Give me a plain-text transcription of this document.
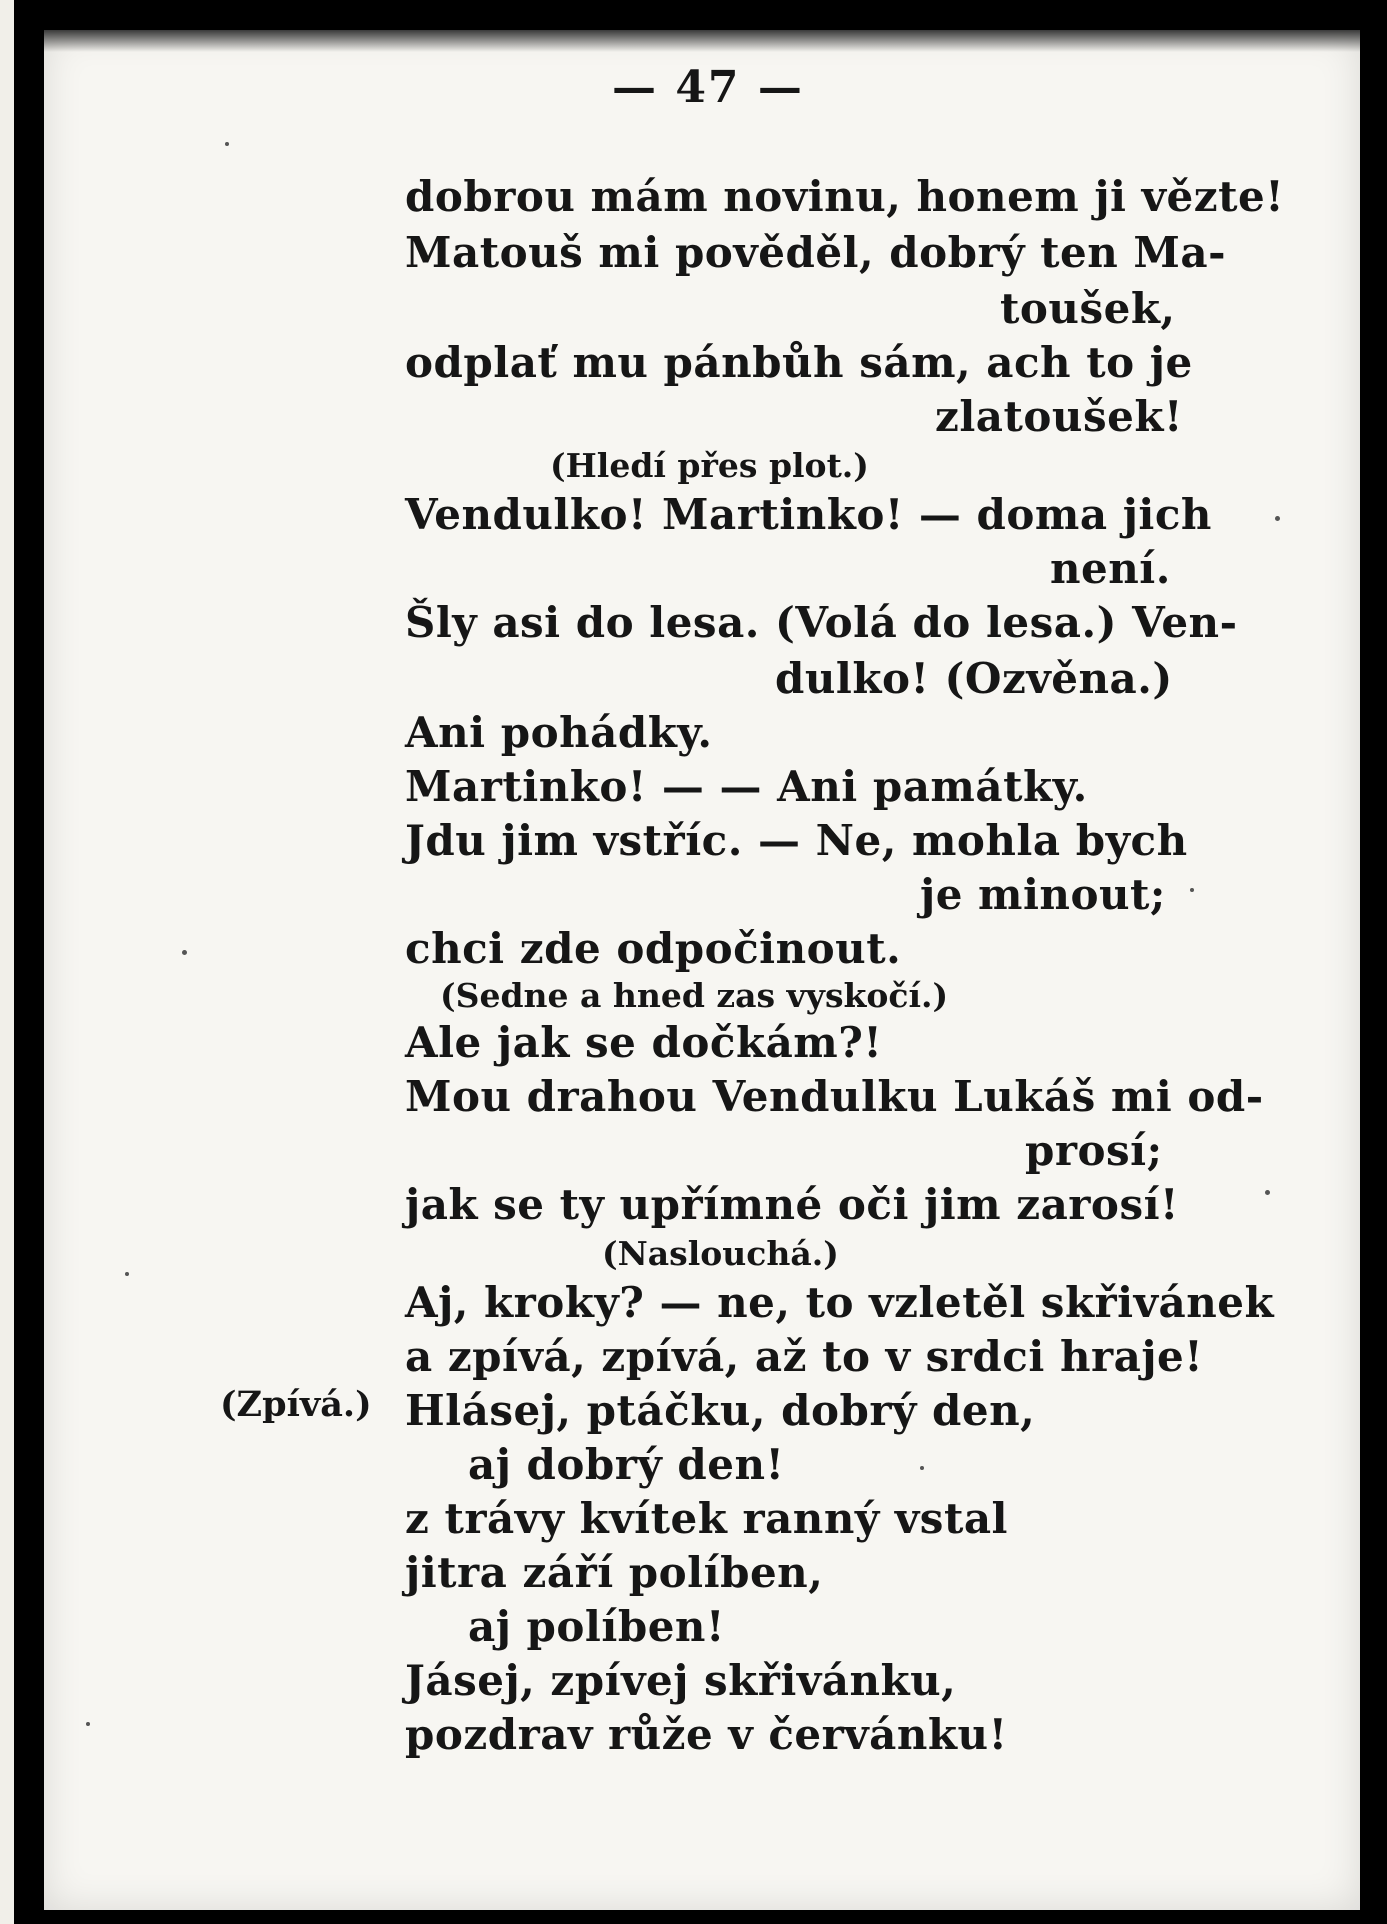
— 47 —
dobrou mám novinu, honem ji vězte!
Matouš mi pověděl, dobrý ten Ma-
toušek,
odplať mu pánbůh sám, ach to je
zlatoušek!
(Hledí přes plot.)
Vendulko! Martinko! — doma jich
není.
Šly asi do lesa. (Volá do lesa.) Ven-
dulko! (Ozvěna.)
Ani pohádky.
Martinko! — — Ani památky.
Jdu jim vstříc. — Ne, mohla bych
je minout;
chci zde odpočinout.
(Sedne a hned zas vyskočí.)
Ale jak se dočkám?!
Mou drahou Vendulku Lukáš mi od-
prosí;
jak se ty upřímné oči jim zarosí!
(Naslouchá.)
Aj, kroky? — ne, to vzletěl skřivánek
a zpívá, zpívá, až to v srdci hraje!
(Zpívá.) Hlásej, ptáčku, dobrý den,
aj dobrý den!
z trávy kvítek ranný vstal
jitra září políben,
aj políben!
Jásej, zpívej skřivánku,
pozdrav růže v červánku!
